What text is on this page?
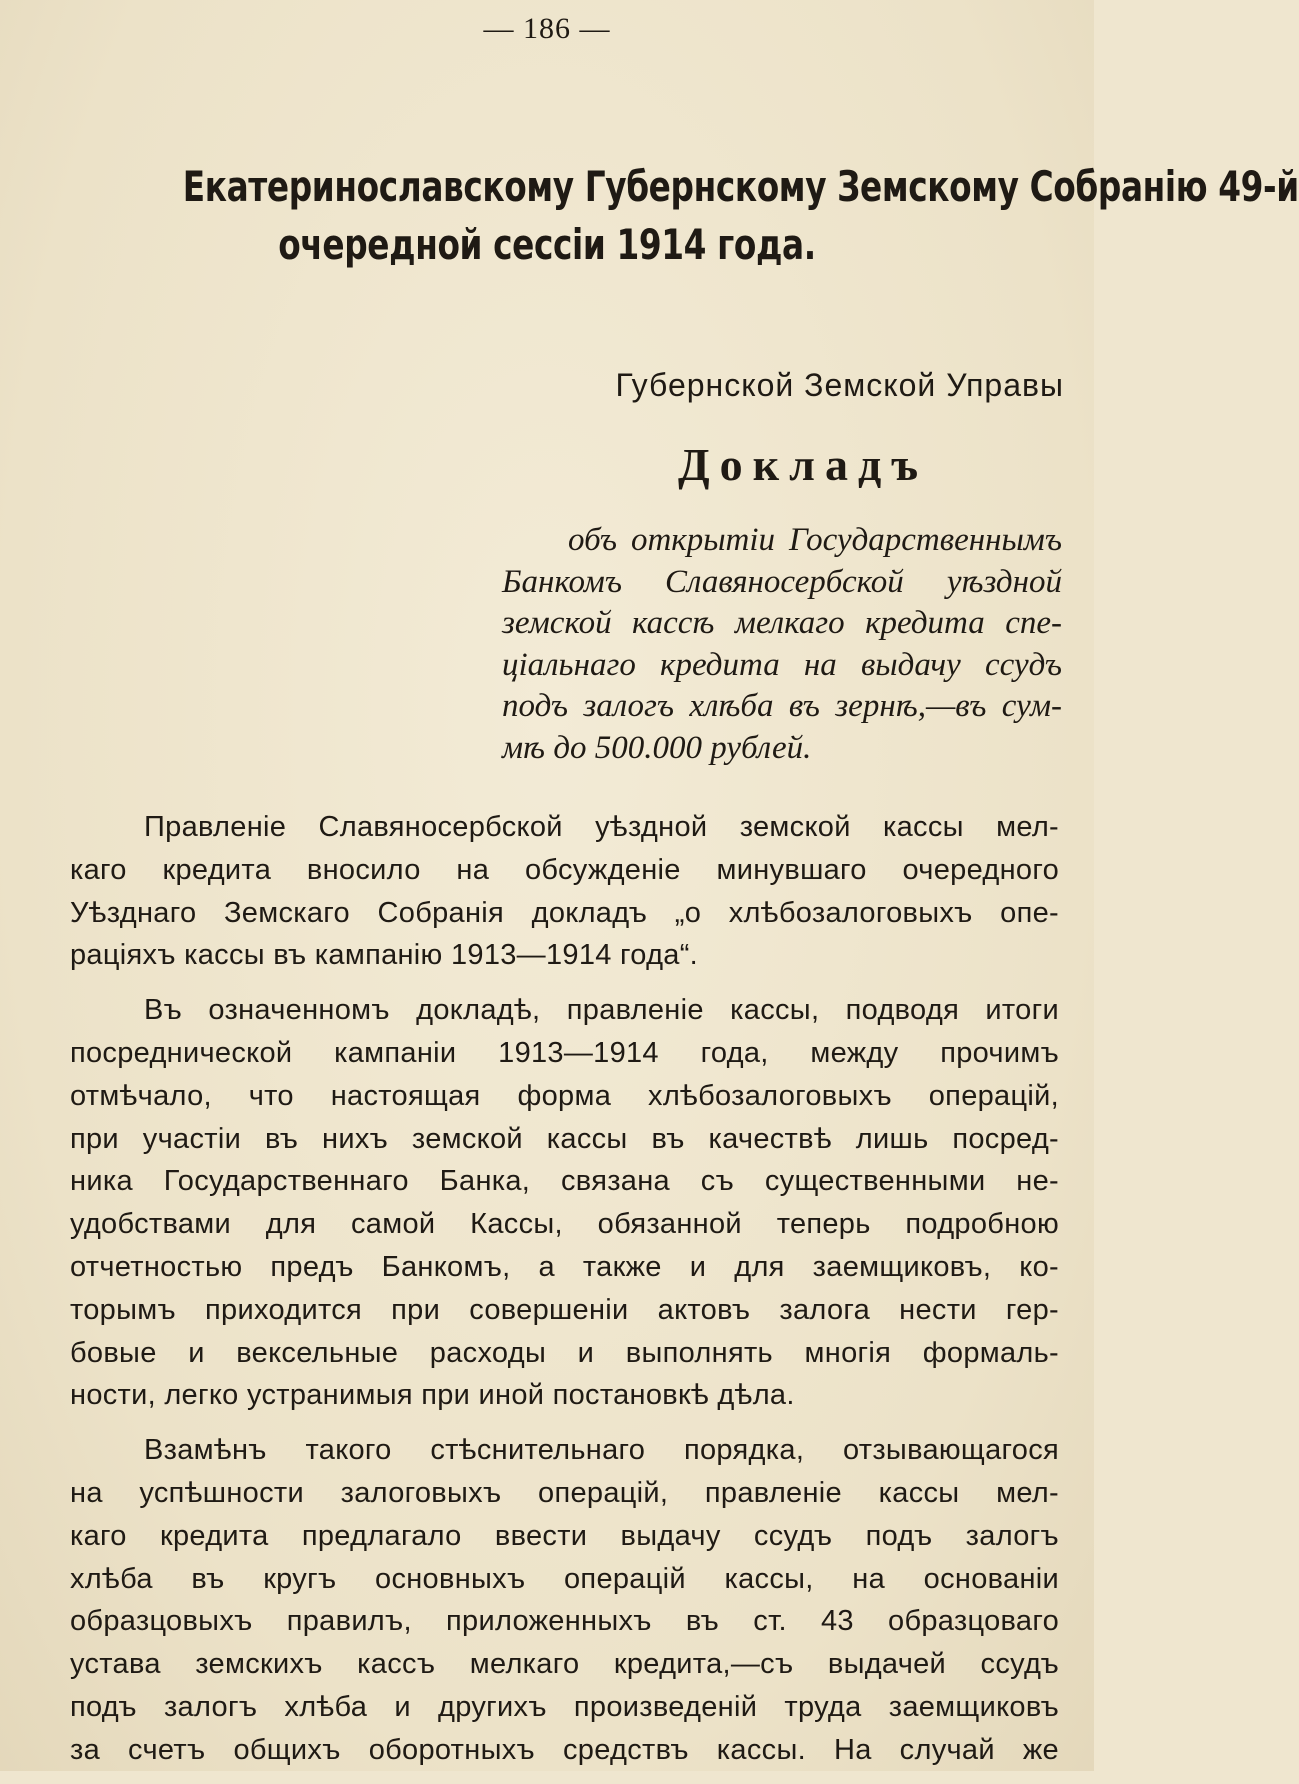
— 186 —
Екатеринославскому Губернскому Земскому Собранію 49-й
очередной сессіи 1914 года.
Губернской Земской Управы
Докладъ
объ открытіи Государственнымъ
Банкомъ Славяносербской уѣздной
земской кассѣ мелкаго кредита спе-
ціальнаго кредита на выдачу ссудъ
подъ залогъ хлѣба въ зернѣ,—въ сум-
мѣ до 500.000 рублей.
Правленіе Славяносербской уѣздной земской кассы мел-
каго кредита вносило на обсужденіе минувшаго очередного
Уѣзднаго Земскаго Собранія докладъ „о хлѣбозалоговыхъ опе-
раціяхъ кассы въ кампанію 1913—1914 года“.
Въ означенномъ докладѣ, правленіе кассы, подводя итоги
посреднической кампаніи 1913—1914 года, между прочимъ
отмѣчало, что настоящая форма хлѣбозалоговыхъ операцій,
при участіи въ нихъ земской кассы въ качествѣ лишь посред-
ника Государственнаго Банка, связана съ существенными не-
удобствами для самой Кассы, обязанной теперь подробною
отчетностью предъ Банкомъ, а также и для заемщиковъ, ко-
торымъ приходится при совершеніи актовъ залога нести гер-
бовые и вексельные расходы и выполнять многія формаль-
ности, легко устранимыя при иной постановкѣ дѣла.
Взамѣнъ такого стѣснительнаго порядка, отзывающагося
на успѣшности залоговыхъ операцій, правленіе кассы мел-
каго кредита предлагало ввести выдачу ссудъ подъ залогъ
хлѣба въ кругъ основныхъ операцій кассы, на основаніи
образцовыхъ правилъ, приложенныхъ въ ст. 43 образцоваго
устава земскихъ кассъ мелкаго кредита,—съ выдачей ссудъ
подъ залогъ хлѣба и другихъ произведеній труда заемщиковъ
за счетъ общихъ оборотныхъ средствъ кассы. На случай же
